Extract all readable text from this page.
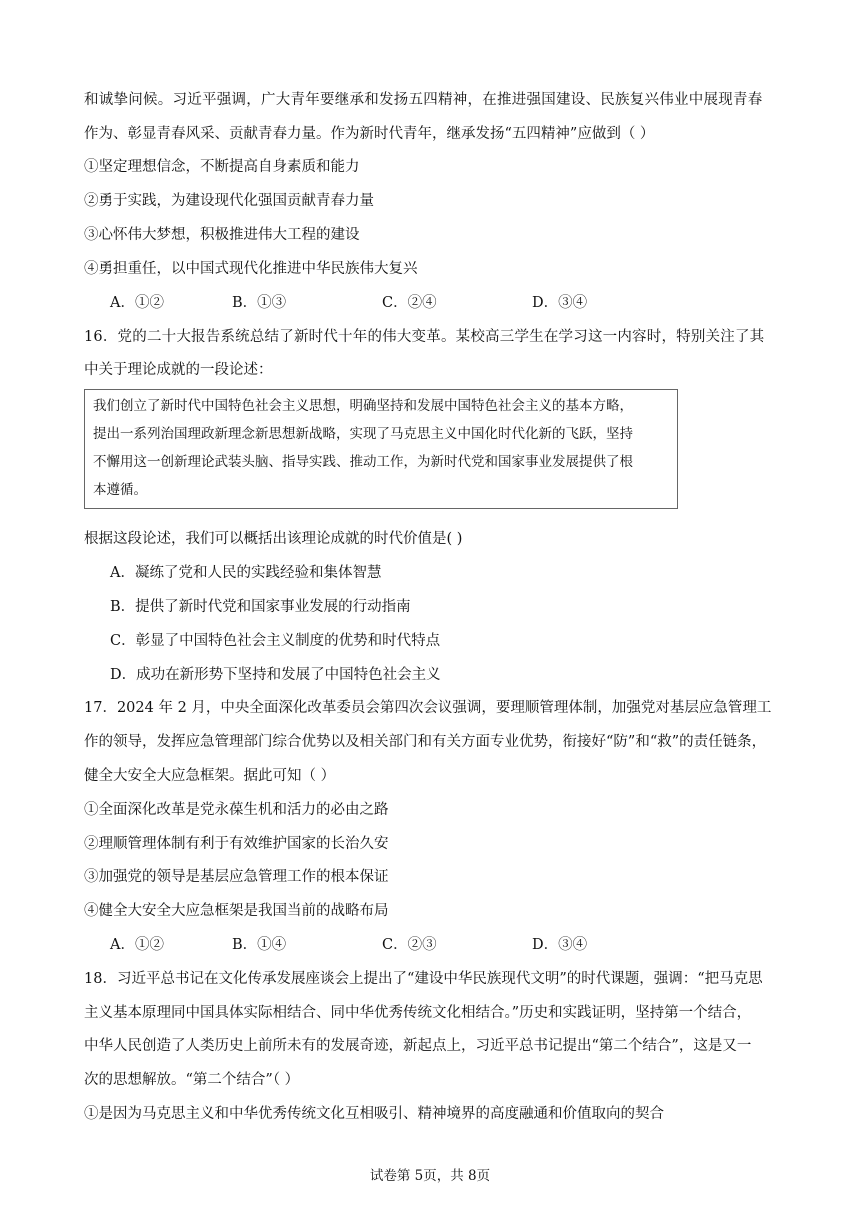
和诚挚问候。习近平强调，广大青年要继承和发扬五四精神，在推进强国建设、民族复兴伟业中展现青春
作为、彰显青春风采、贡献青春力量。作为新时代青年，继承发扬“五四精神”应做到（ ）
①坚定理想信念，不断提高自身素质和能力
②勇于实践，为建设现代化强国贡献青春力量
③心怀伟大梦想，积极推进伟大工程的建设
④勇担重任，以中国式现代化推进中华民族伟大复兴
A．①②	B．①③	C．②④	D．③④
16．党的二十大报告系统总结了新时代十年的伟大变革。某校高三学生在学习这一内容时，特别关注了其
中关于理论成就的一段论述：
我们创立了新时代中国特色社会主义思想，明确坚持和发展中国特色社会主义的基本方略，
提出一系列治国理政新理念新思想新战略，实现了马克思主义中国化时代化新的飞跃，坚持
不懈用这一创新理论武装头脑、指导实践、推动工作，为新时代党和国家事业发展提供了根
本遵循。
根据这段论述，我们可以概括出该理论成就的时代价值是( )
A．凝练了党和人民的实践经验和集体智慧
B．提供了新时代党和国家事业发展的行动指南
C．彰显了中国特色社会主义制度的优势和时代特点
D．成功在新形势下坚持和发展了中国特色社会主义
17．2024 年 2 月，中央全面深化改革委员会第四次会议强调，要理顺管理体制，加强党对基层应急管理工
作的领导，发挥应急管理部门综合优势以及相关部门和有关方面专业优势，衔接好“防”和“救”的责任链条，
健全大安全大应急框架。据此可知（ ）
①全面深化改革是党永葆生机和活力的必由之路
②理顺管理体制有利于有效维护国家的长治久安
③加强党的领导是基层应急管理工作的根本保证
④健全大安全大应急框架是我国当前的战略布局
A．①②	B．①④	C．②③	D．③④
18．习近平总书记在文化传承发展座谈会上提出了“建设中华民族现代文明”的时代课题，强调：“把马克思
主义基本原理同中国具体实际相结合、同中华优秀传统文化相结合。”历史和实践证明，坚持第一个结合，
中华人民创造了人类历史上前所未有的发展奇迹，新起点上，习近平总书记提出“第二个结合”，这是又一
次的思想解放。“第二个结合”（ ）
①是因为马克思主义和中华优秀传统文化互相吸引、精神境界的高度融通和价值取向的契合
试卷第 5页，共 8页
